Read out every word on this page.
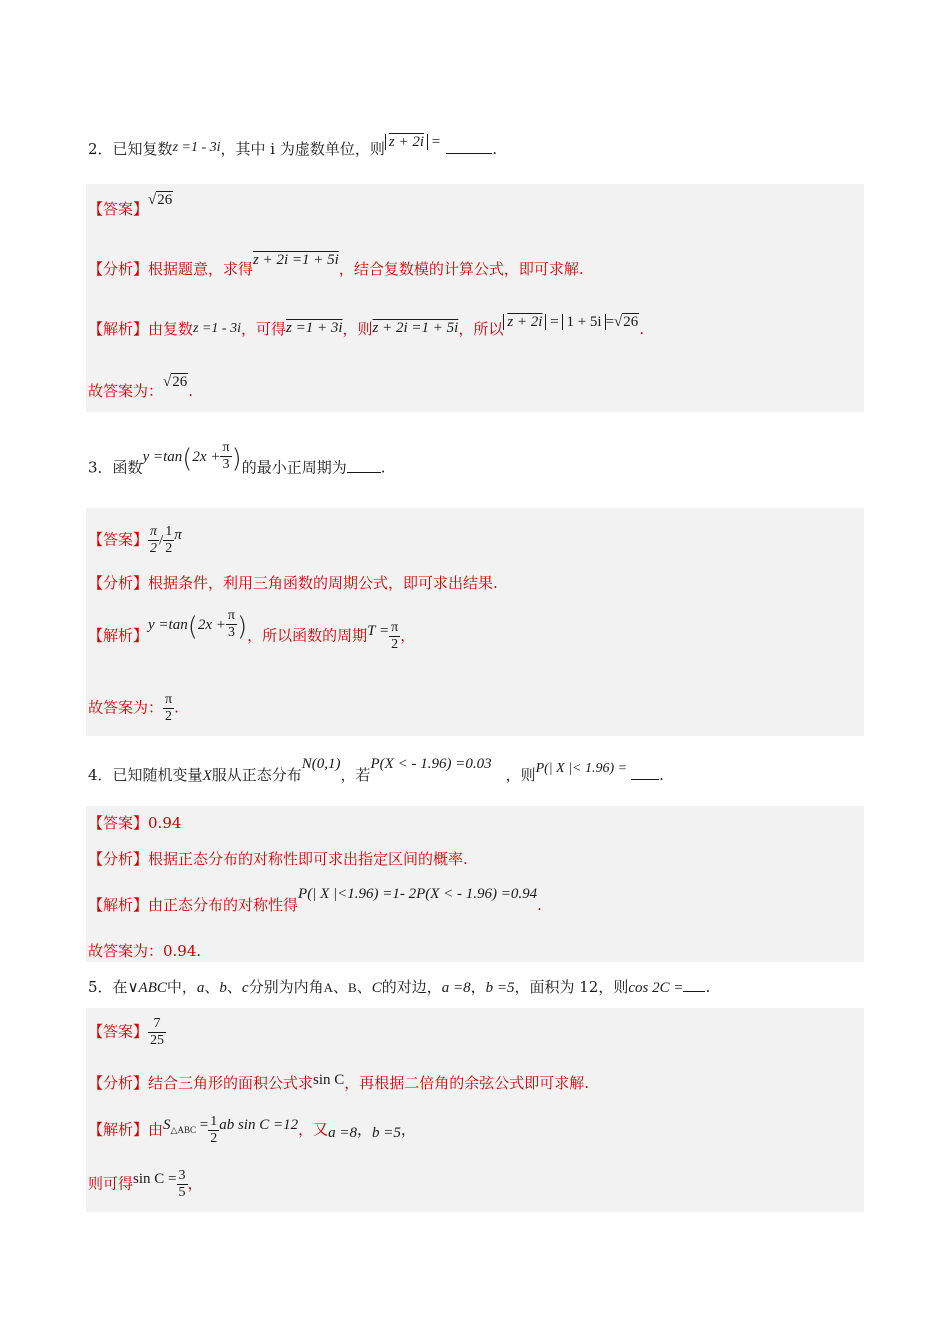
2．已知复数z =1 - 3i，其中 i 为虚数单位，则 z + 2i =	.
【答案】√26
【分析】根据题意，求得z + 2i =1 + 5i，结合复数模的计算公式，即可求解.
【解析】由复数z =1 - 3i，可得z =1 + 3i，则z + 2i =1 + 5i，所以 z + 2i = 1 + 5i =√26.
故答案为：√26.
3．函数$y =\tan(2x + \frac{\pi}{3}$ )的最小正周期为 .
【答案】 $\frac{\pi}{2} / \frac{1}{2}$ π
【分析】根据条件，利用三角函数的周期公式，即可求出结果.
【解析】$y =\tan(2x + \frac{\pi}{3}$ )，所以函数的周期$T = \frac{\pi}{2}$ ，
故答案为： $\frac{\pi}{2}$ .
4．已知随机变量X服从正态分布N(0,1)，若P(X < - 1.96) =0.03，则P(| X |< 1.96) = .
【答案】0.94
【分析】根据正态分布的对称性即可求出指定区间的概率.
【解析】由正态分布的对称性得P(| X |<1.96) =1- 2P(X < - 1.96) =0.94.
故答案为：0.94.
5．在∨ABC中，a、b、c分别为内角A、B、C的对边，a =8，b =5，面积为 12，则cos 2C = .
【答案】 $\frac{7}{25}$
【分析】结合三角形的面积公式求sin C，再根据二倍角的余弦公式即可求解.
【解析】由S△ABC = $\frac{1}{2}$ ab sin C =12，又a =8，b =5，
则可得$\sin C = \frac{3}{5}$ ，
